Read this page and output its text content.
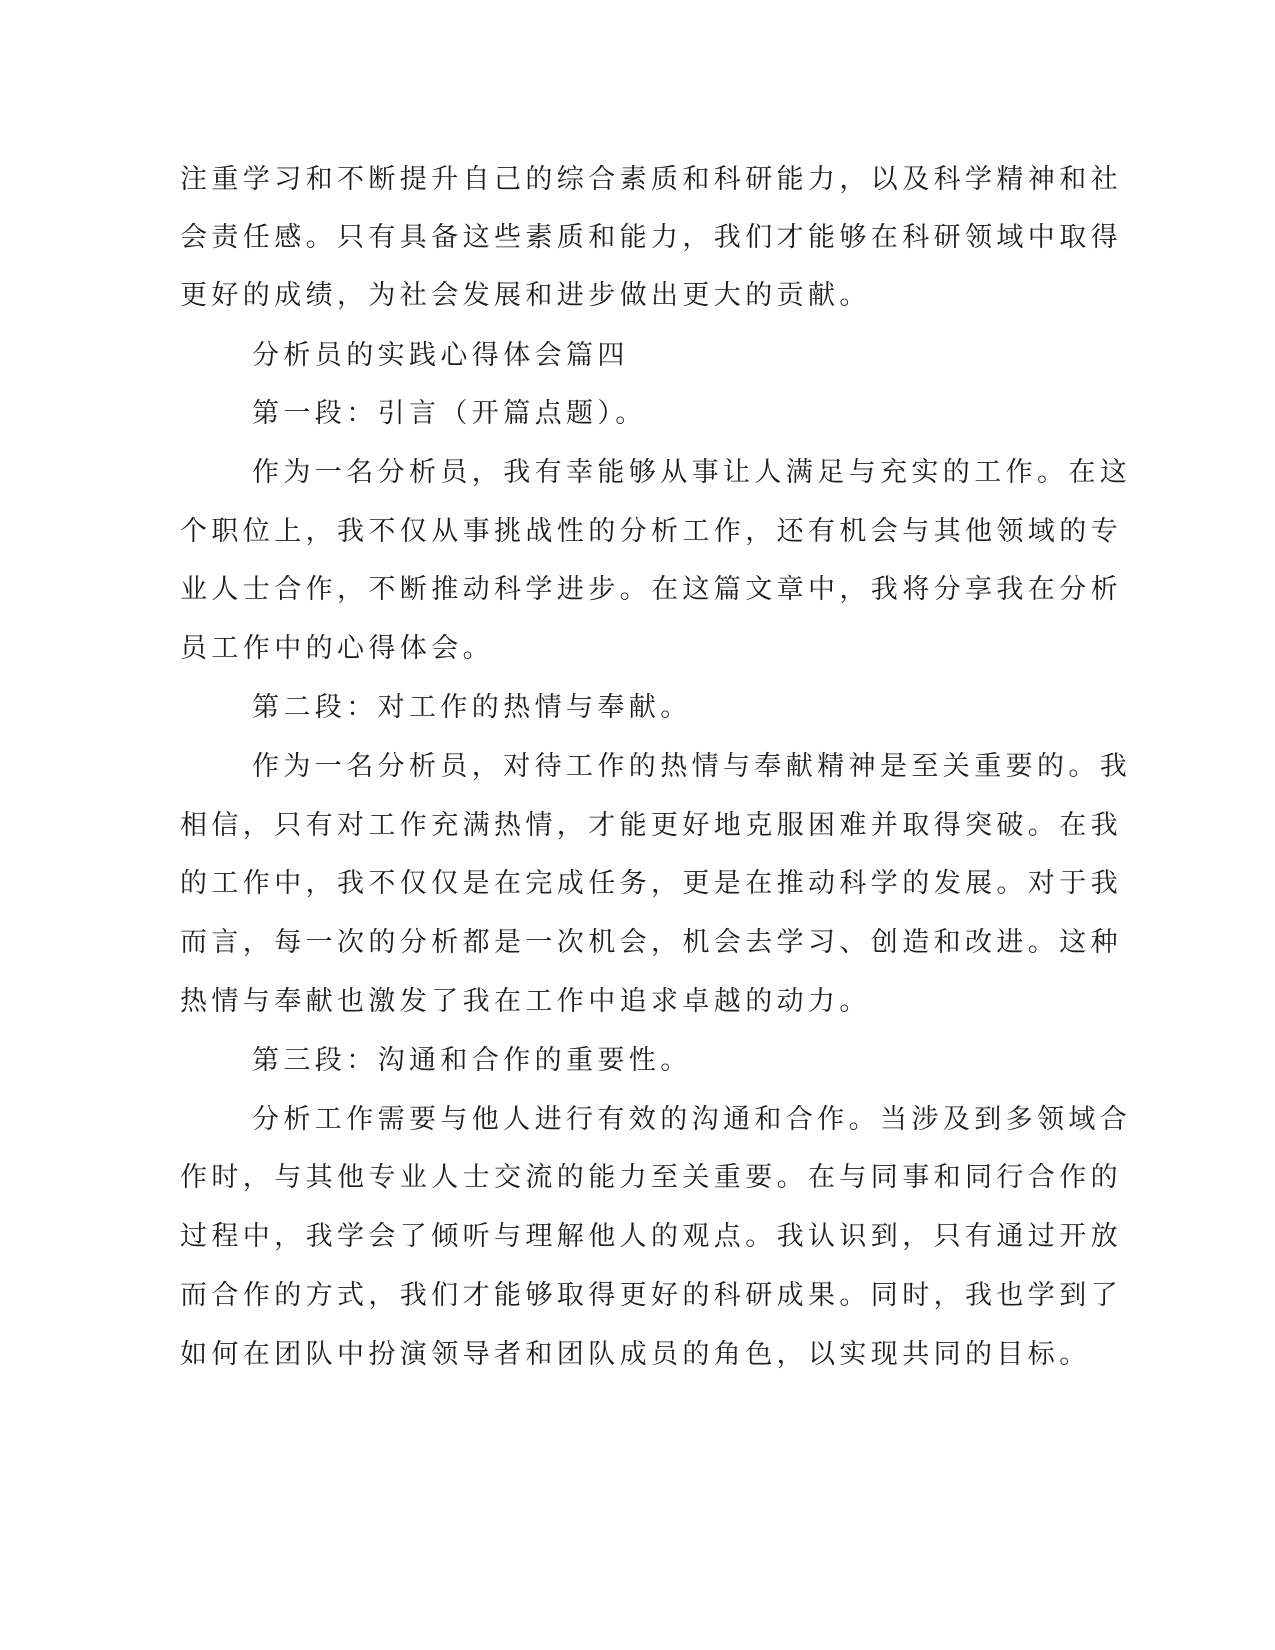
注重学习和不断提升自己的综合素质和科研能力，以及科学精神和社

会责任感。只有具备这些素质和能力，我们才能够在科研领域中取得

更好的成绩，为社会发展和进步做出更大的贡献。

分析员的实践心得体会篇四

第一段：引言（开篇点题）。

作为一名分析员，我有幸能够从事让人满足与充实的工作。在这

个职位上，我不仅从事挑战性的分析工作，还有机会与其他领域的专

业人士合作，不断推动科学进步。在这篇文章中，我将分享我在分析

员工作中的心得体会。

第二段：对工作的热情与奉献。

作为一名分析员，对待工作的热情与奉献精神是至关重要的。我

相信，只有对工作充满热情，才能更好地克服困难并取得突破。在我

的工作中，我不仅仅是在完成任务，更是在推动科学的发展。对于我

而言，每一次的分析都是一次机会，机会去学习、创造和改进。这种

热情与奉献也激发了我在工作中追求卓越的动力。

第三段：沟通和合作的重要性。

分析工作需要与他人进行有效的沟通和合作。当涉及到多领域合

作时，与其他专业人士交流的能力至关重要。在与同事和同行合作的

过程中，我学会了倾听与理解他人的观点。我认识到，只有通过开放

而合作的方式，我们才能够取得更好的科研成果。同时，我也学到了

如何在团队中扮演领导者和团队成员的角色，以实现共同的目标。
